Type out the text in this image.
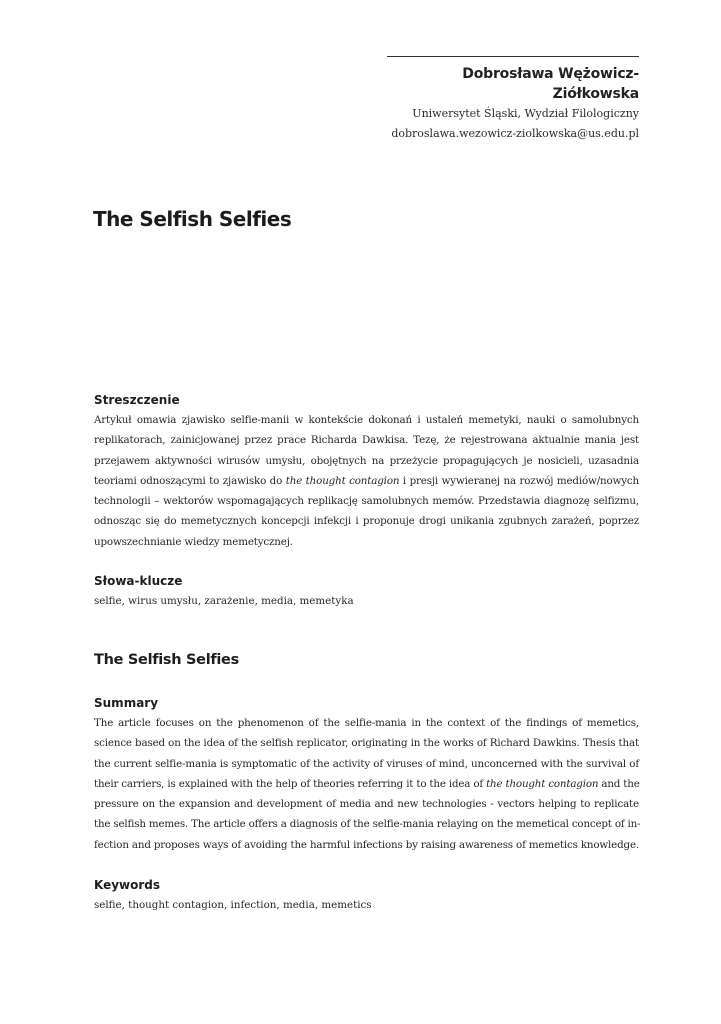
Dobrosława Wężowicz-Ziółkowska
Uniwersytet Śląski, Wydział Filologiczny
dobroslawa.wezowicz-ziolkowska@us.edu.pl
The Selfish Selfies
Streszczenie
Artykuł omawia zjawisko selfie-manii w kontekście dokonań i ustaleń memetyki, nauki o samolubnych
replikatorach, zainicjowanej przez prace Richarda Dawkisa. Tezę, że rejestrowana aktualnie mania jest
przejawem aktywności wirusów umysłu, obojętnych na przeżycie propagujących je nosicieli, uzasadnia
teoriami odnoszącymi to zjawisko do the thought contagion i presji wywieranej na rozwój mediów/nowych
technologii – wektorów wspomagających replikację samolubnych memów. Przedstawia diagnozę selfizmu,
odnosząc się do memetycznych koncepcji infekcji i proponuje drogi unikania zgubnych zarażeń, poprzez
upowszechnianie wiedzy memetycznej.
Słowa-klucze
selfie, wirus umysłu, zarażenie, media, memetyka
The Selfish Selfies
Summary
The article focuses on the phenomenon of the selfie-mania in the context of the findings of memetics,
science based on the idea of the selfish replicator, originating in the works of Richard Dawkins. Thesis that
the current selfie-mania is symptomatic of the activity of viruses of mind, unconcerned with the survival of
their carriers, is explained with the help of theories referring it to the idea of the thought contagion and the
pressure on the expansion and development of media and new technologies - vectors helping to replicate
the selfish memes. The article offers a diagnosis of the selfie-mania relaying on the memetical concept of in-
fection and proposes ways of avoiding the harmful infections by raising awareness of memetics knowledge.
Keywords
selfie, thought contagion, infection, media, memetics
